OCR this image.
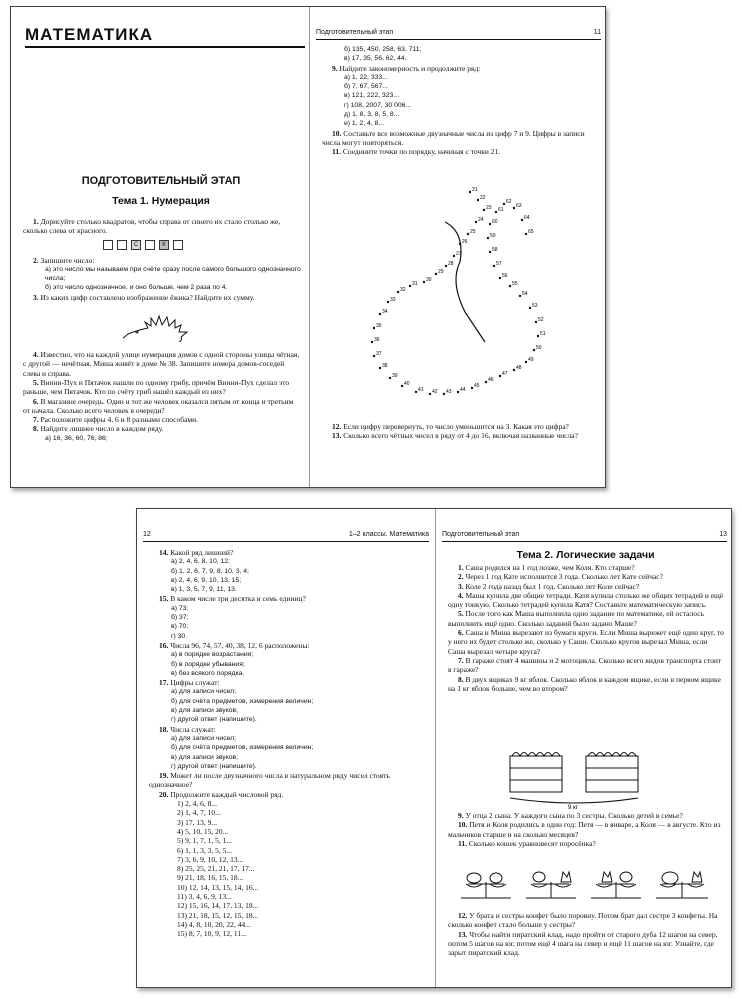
МАТЕМАТИКА
ПОДГОТОВИТЕЛЬНЫЙ ЭТАП
Тема 1. Нумерация
1. Дорисуйте столько квадратов, чтобы справа от синего их стало столько же, сколько слева от красного.
С	К
2. Запишите число:
а) это число мы называем при счёте сразу после самого большого однозначного числа;
б) это число однозначное, и оно больше, чем 2 раза по 4.
3. Из каких цифр составлено изображение ёжика? Найдите их сумму.
4. Известно, что на каждой улице нумерация домов с одной стороны улицы чётная, с другой — нечётная. Миша живёт в доме № 38. Запишите номера домов-соседей слева и справа.
5. Винни-Пух и Пятачок нашли по одному грибу, причём Винни-Пух сделал это раньше, чем Пятачок. Кто по счёту гриб нашёл каждый из них?
6. В магазине очередь. Один и тот же человек оказался пятым от конца и третьим от начала. Сколько всего человек в очереди?
7. Расположите цифры 4, 6 и 8 разными способами.
8. Найдите лишнее число в каждом ряду.
а) 16, 36, 60, 76, 86;
Подготовительный этап	11
б) 135, 450, 258, 63, 711;
в) 17, 35, 56, 62, 44.
9. Найдите закономерность и продолжите ряд:
а) 1, 22, 333...
б) 7, 67, 567...
в) 121, 222, 323...
г) 108, 2007, 30 006...
д) 1, 8, 3, 8, 5, 8...
е) 1, 2, 4, 8...
10. Составьте все возможные двузначные числа из цифр 7 и 9. Цифры в записи числа могут повторяться.
11. Соедините точки по порядку, начиная с точки 21.
21
22
23
24
25
26
27
28
29
30
31
32
33
34
35
36
37
38
39
40
41 42 43 44
45
46
47
48
49
50
51
52
53
54
55
56
57
58
59
60
61
62
63
64
65
12. Если цифру перевернуть, то число уменьшится на 3. Какая это цифра?
13. Сколько всего чётных чисел в ряду от 4 до 16, включая названные числа?
12	1–2 классы. Математика
14. Какой ряд лишний?
а) 2, 4, 6, 8, 10, 12;
б) 1, 2, 6, 7, 9, 8, 10, 3, 4;
в) 2, 4, 6, 9, 10, 13, 15;
в) 1, 3, 5, 7, 9, 11, 13.
15. В каком числе три десятка и семь единиц?
а) 73;
б) 37;
в) 70;
г) 30.
16. Числа 96, 74, 57, 40, 38, 12, 6 расположены:
а) в порядке возрастания;
б) в порядке убывания;
в) без всякого порядка.
17. Цифры служат:
а) для записи чисел;
б) для счёта предметов, измерения величин;
в) для записи звуков;
г) другой ответ (напишите).
18. Числа служат:
а) для записи чисел;
б) для счёта предметов, измерения величин;
в) для записи звуков;
г) другой ответ (напишите).
19. Может ли после двузначного числа в натуральном ряду чисел стоять однозначное?
20. Продолжите каждый числовой ряд.
1) 2, 4, 6, 8...
2) 1, 4, 7, 10...
3) 17, 13, 9...
4) 5, 10, 15, 20...
5) 9, 1, 7, 1, 5, 1...
6) 1, 1, 3, 3, 5, 5...
7) 3, 6, 9, 10, 12, 13...
8) 25, 25, 21, 21, 17, 17...
9) 21, 18, 16, 15, 18...
10) 12, 14, 13, 15, 14, 16...
11) 3, 4, 6, 9, 13...
12) 15, 16, 14, 17, 13, 18...
13) 21, 18, 15, 12, 15, 18...
14) 4, 8, 10, 20, 22, 44...
15) 8, 7, 10, 9, 12, 11...
Подготовительный этап	13
Тема 2. Логические задачи
1. Саша родился на 1 год позже, чем Коля. Кто старше?
2. Через 1 год Кате исполнится 3 года. Сколько лет Кате сейчас?
3. Коле 2 года назад был 1 год. Сколько лет Коле сейчас?
4. Маша купила две общие тетради. Катя купила столько же общих тетрадей и ещё одну тонкую. Сколько тетрадей купила Катя? Составьте математическую запись.
5. После того как Маша выполнила одно задание по математике, ей осталось выполнить ещё одно. Сколько заданий было задано Маше?
6. Саша и Миша вырезают из бумаги круги. Если Миша вырежет ещё один круг, то у него их будет столько же, сколько у Саши. Сколько кругов вырезал Миша, если Саша вырезал четыре круга?
7. В гараже стоят 4 машины и 2 мотоцикла. Сколько всего видов транспорта стоит в гараже?
8. В двух ящиках 9 кг яблок. Сколько яблок в каждом ящике, если в первом ящике на 1 кг яблок больше, чем во втором?
9 кг
9. У отца 2 сына. У каждого сына по 3 сестры. Сколько детей в семье?
10. Петя и Коля родились в один год: Петя — в январе, а Коля — в августе. Кто из мальчиков старше и на сколько месяцев?
11. Сколько кошек уравновесят поросёнка?
12. У брата и сестры конфет было поровну. Потом брат дал сестре 3 конфеты. На сколько конфет стало больше у сестры?
13. Чтобы найти пиратский клад, надо пройти от старого дуба 12 шагов на север, потом 5 шагов на юг, потом ещё 4 шага на север и ещё 11 шагов на юг. Узнайте, где зарыт пиратский клад.
